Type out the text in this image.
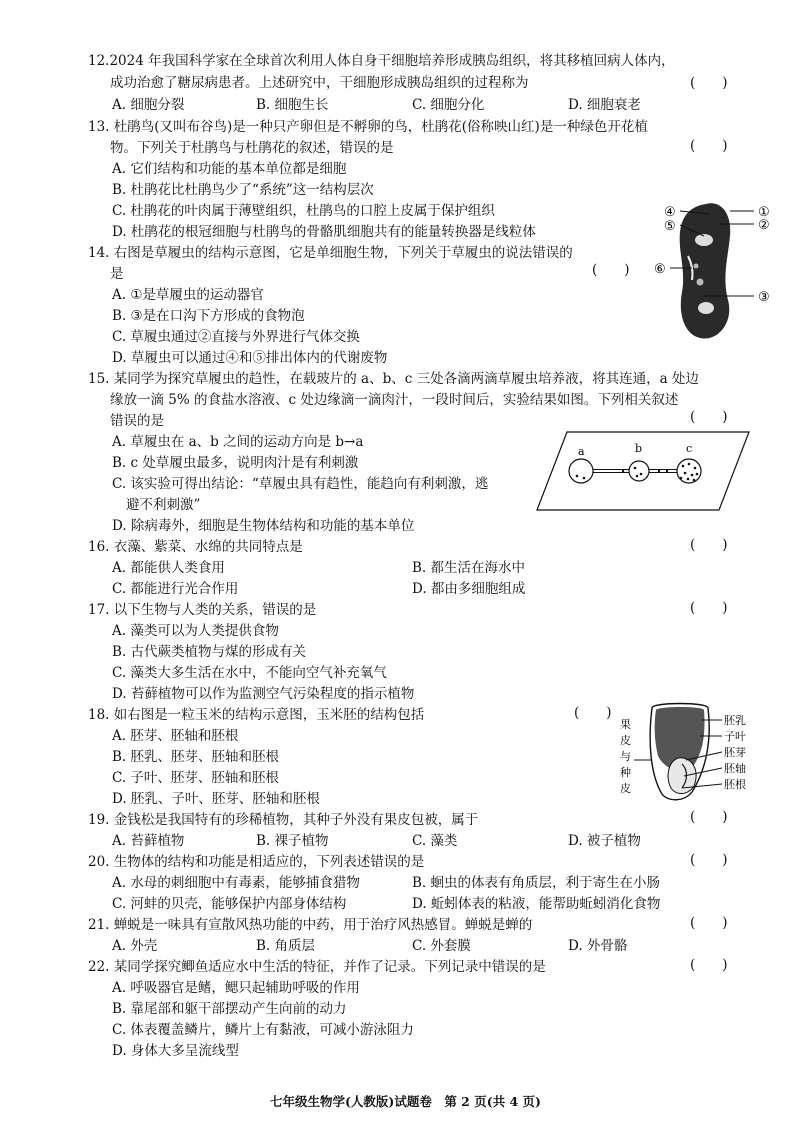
12.2024 年我国科学家在全球首次利用人体自身干细胞培养形成胰岛组织，将其移植回病人体内，
成功治愈了糖尿病患者。上述研究中，干细胞形成胰岛组织的过程称为	(　　)
A. 细胞分裂	B. 细胞生长	C. 细胞分化	D. 细胞衰老
13. 杜鹃鸟(又叫布谷鸟)是一种只产卵但是不孵卵的鸟，杜鹃花(俗称映山红)是一种绿色开花植
物。下列关于杜鹃鸟与杜鹃花的叙述，错误的是	(　　)
A. 它们结构和功能的基本单位都是细胞
B. 杜鹃花比杜鹃鸟少了“系统”这一结构层次
C. 杜鹃花的叶肉属于薄壁组织，杜鹃鸟的口腔上皮属于保护组织
D. 杜鹃花的根冠细胞与杜鹃鸟的骨骼肌细胞共有的能量转换器是线粒体
14. 右图是草履虫的结构示意图，它是单细胞生物，下列关于草履虫的说法错误的
是	(　　)
A. ①是草履虫的运动器官
B. ③是在口沟下方形成的食物泡
C. 草履虫通过②直接与外界进行气体交换
D. 草履虫可以通过④和⑤排出体内的代谢废物
④	①
⑤	②
⑥
③
15. 某同学为探究草履虫的趋性，在载玻片的 a、b、c 三处各滴两滴草履虫培养液，将其连通，a 处边
缘放一滴 5% 的食盐水溶液、c 处边缘滴一滴肉汁，一段时间后，实验结果如图。下列相关叙述
错误的是	(　　)
A. 草履虫在 a、b 之间的运动方向是 b→a
B. c 处草履虫最多，说明肉汁是有利刺激
C. 该实验可得出结论：“草履虫具有趋性，能趋向有利刺激，逃
避不利刺激”
D. 除病毒外，细胞是生物体结构和功能的基本单位
a	b	c
16. 衣藻、紫菜、水绵的共同特点是	(　　)
A. 都能供人类食用	B. 都生活在海水中
C. 都能进行光合作用	D. 都由多细胞组成
17. 以下生物与人类的关系，错误的是	(　　)
A. 藻类可以为人类提供食物
B. 古代蕨类植物与煤的形成有关
C. 藻类大多生活在水中，不能向空气补充氧气
D. 苔藓植物可以作为监测空气污染程度的指示植物
18. 如右图是一粒玉米的结构示意图，玉米胚的结构包括	(　　)
A. 胚芽、胚轴和胚根
B. 胚乳、胚芽、胚轴和胚根
C. 子叶、胚芽、胚轴和胚根
D. 胚乳、子叶、胚芽、胚轴和胚根
胚乳
子叶
胚芽
胚轴
胚根
果
皮
与
种
皮
19. 金钱松是我国特有的珍稀植物，其种子外没有果皮包被，属于	(　　)
A. 苔藓植物	B. 裸子植物	C. 藻类	D. 被子植物
20. 生物体的结构和功能是相适应的，下列表述错误的是	(　　)
A. 水母的刺细胞中有毒素，能够捕食猎物	B. 蛔虫的体表有角质层，利于寄生在小肠
C. 河蚌的贝壳，能够保护内部身体结构	D. 蚯蚓体表的粘液，能帮助蚯蚓消化食物
21. 蝉蜕是一味具有宣散风热功能的中药，用于治疗风热感冒。蝉蜕是蝉的	(　　)
A. 外壳	B. 角质层	C. 外套膜	D. 外骨骼
22. 某同学探究鲫鱼适应水中生活的特征，并作了记录。下列记录中错误的是	(　　)
A. 呼吸器官是鳍，鳃只起辅助呼吸的作用
B. 靠尾部和躯干部摆动产生向前的动力
C. 体表覆盖鳞片，鳞片上有黏液，可减小游泳阻力
D. 身体大多呈流线型
七年级生物学(人教版)试题卷　第 2 页(共 4 页)
